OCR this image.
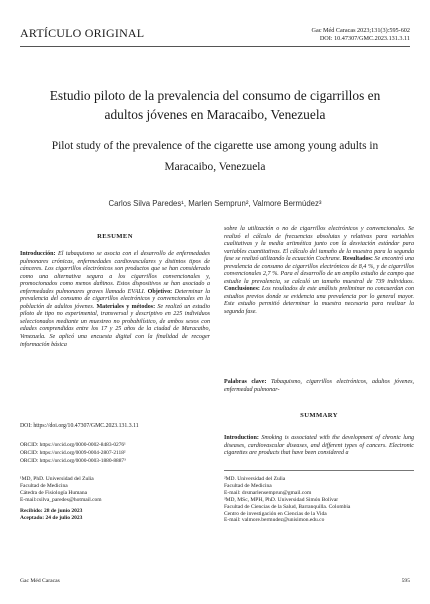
ARTÍCULO ORIGINAL	Gac Méd Caracas 2023;131(3):595-602
DOI: 10.47307/GMC.2023.131.3.11
Estudio piloto de la prevalencia del consumo de cigarrillos en adultos jóvenes en Maracaibo, Venezuela
Pilot study of the prevalence of the cigarette use among young adults in Maracaibo, Venezuela
Carlos Silva Paredes¹, Marlen Semprun², Valmore Bermúdez³
RESUMEN

Introducción: El tabaquismo se asocia con el desarrollo de enfermedades pulmonares crónicas, enfermedades cardiovasculares y distintos tipos de cánceres. Los cigarrillos electrónicos son productos que se han considerado como una alternativa segura a los cigarrillos convencionales y, promocionados como menos dañinos. Estos dispositivos se han asociado a enfermedades pulmonares graves llamado EVALI. Objetivo: Determinar la prevalencia del consumo de cigarrillos electrónicos y convencionales en la población de adultos jóvenes. Materiales y métodos: Se realizó un estudio piloto de tipo no experimental, transversal y descriptivo en 225 individuos seleccionados mediante un muestreo no probabilístico, de ambos sexos con edades comprendidas entre los 17 y 25 años de la ciudad de Maracaibo, Venezuela. Se aplicó una encuesta digital con la finalidad de recoger información básica

DOI: https://doi.org/10.47307/GMC.2023.131.3.11
ORCID: https://orcid.org/0000-0002-8483-0276¹
ORCID: https://orcid.org/0009-0004-2807-2118²
ORCID: https://orcid.org/0000-0003-1880-8887³
¹MD, PhD. Universidad del Zulia
Facultad de Medicina
Cátedra de Fisiología Humana
E-mail:csilva_paredes@hotmail.com
Recibido: 28 de junio 2023
Aceptado: 24 de julio 2023

sobre la utilización o no de cigarrillos electrónicos y convencionales. Se realizó el cálculo de frecuencias absolutas y relativas para variables cualitativas y la media aritmética junto con la desviación estándar para variables cuantitativas. El cálculo del tamaño de la muestra para la segunda fase se realizó utilizando la ecuación Cochrane. Resultados: Se encontró una prevalencia de consumo de cigarrillos electrónicos de 8,4 %, y de cigarrillos convencionales 2,7 %. Para el desarrollo de un amplio estudio de campo que estudie la prevalencia, se calculó un tamaño muestral de 739 individuos. Conclusiones: Los resultados de este análisis preliminar no concuerdan con estudios previos donde se evidencia una prevalencia por lo general mayor. Este estudio permitió determinar la muestra necesaria para realizar la segunda fase.

Palabras clave: Tabaquismo, cigarrillos electrónicos, adultos jóvenes, enfermedad pulmonar-

SUMMARY

Introduction: Smoking is associated with the development of chronic lung diseases, cardiovascular diseases, and different types of cancers. Electronic cigarettes are products that have been considered a

²MD. Universidad del Zulia
Facultad de Medicina
E-mail: drsmarlensemprun@gmail.com
³MD, MSc, MPH, PhD. Universidad Simón Bolívar
Facultad de Ciencias de la Salud, Barranquilla. Colombia
Centro de investigación en Ciencias de la Vida
E-mail: valmore.bermudez@unisimon.edu.co
Gac Méd Caracas	595
